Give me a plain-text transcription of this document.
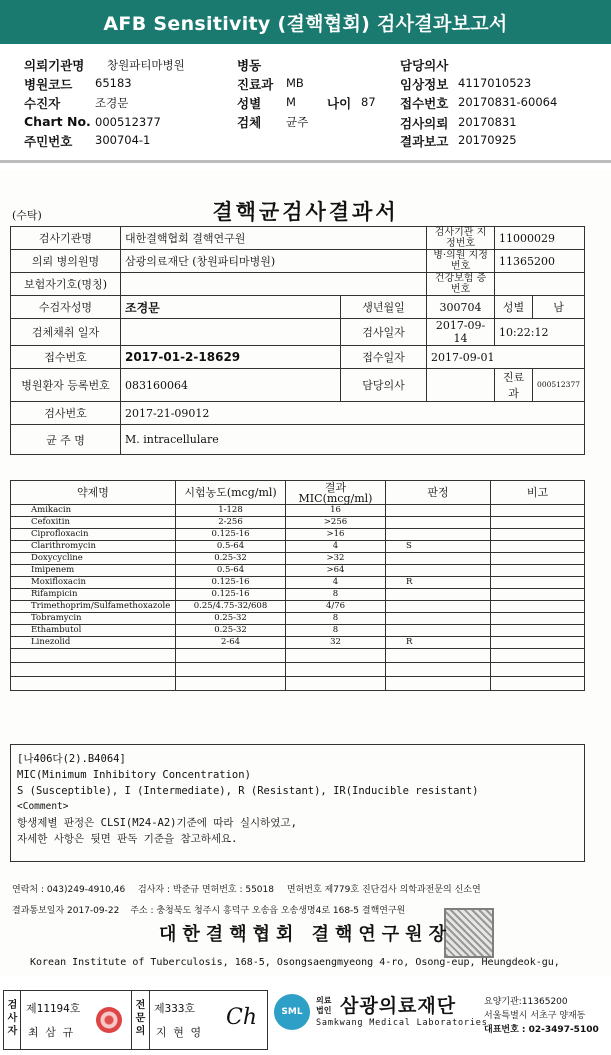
AFB Sensitivity (결핵협회) 검사결과보고서
의뢰기관명 창원파티마병원
병원코드 65183
수진자	조경문
Chart No. 000512377
주민번호 300704-1
병동
진료과 MB
성별 M 나이 87
검체 균주
담당의사
임상정보 4117010523
접수번호 20170831-60064
검사의뢰 20170831
결과보고 20170925
(수탁)	결핵균검사결과서
검사기관명	대한결핵협회 결핵연구원		검사기관 지정번호	11000029	
의뢰 병의원명	삼광의료재단 (창원파티마병원)		병·의원 지정번호	11365200	
보험자기호(명칭)			건강보험 증번호		
수검자성명	조경문	생년월일	300704	성별	남
검체채취 일자		검사일자	2017-09-14	10:22:12	
접수번호	2017-01-2-18629	접수일자	2017-09-01		
병원환자 등록번호	083160064	담당의사		진료과	000512377
검사번호	2017-21-09012				
균 주 명	M. intracellulare				
약제명	시험농도(mcg/ml)	결과 MIC(mcg/ml)	판정	비고
Amikacin	1-128	16		
Cefoxitin	2-256	>256		
Ciprofloxacin	0.125-16	>16		
Clarithromycin	0.5-64	4	S	
Doxycycline	0.25-32	>32		
Imipenem	0.5-64	>64		
Moxifloxacin	0.125-16	4	R	
Rifampicin	0.125-16	8		
Trimethoprim/Sulfamethoxazole	0.25/4.75-32/608	4/76		
Tobramycin	0.25-32	8		
Ethambutol	0.25-32	8		
Linezolid	2-64	32	R	

[나406다(2).B4064]
MIC(Minimum Inhibitory Concentration)
S (Susceptible), I (Intermediate), R (Resistant), IR(Inducible resistant)
<Comment>
항생제별 판정은 CLSI(M24-A2)기준에 따라 실시하였고,
자세한 사항은 뒷면 판독 기준을 참고하세요.
연락처 : 043)249-4910,46 검사자 : 박준규 면허번호 : 55018 면허번호 제779호 진단검사 의학과전문의 신소연
결과통보일자 2017-09-22 주소 : 충청북도 청주시 흥덕구 오송읍 오송생명4로 168-5 결핵연구원
대한결핵협회 결핵연구원장
Korean Institute of Tuberculosis, 168-5, Osongsaengmyeong 4-ro, Osong-eup, Heungdeok-gu,
검사자
제11194호
최 삼 규
전문의
제333호
지 현 영
Ch	SML
의료
법인 삼광의료재단
Samkwang Medical Laboratories
요양기관:11365200
서울특별시 서초구 양재동
대표번호 : 02-3497-5100
